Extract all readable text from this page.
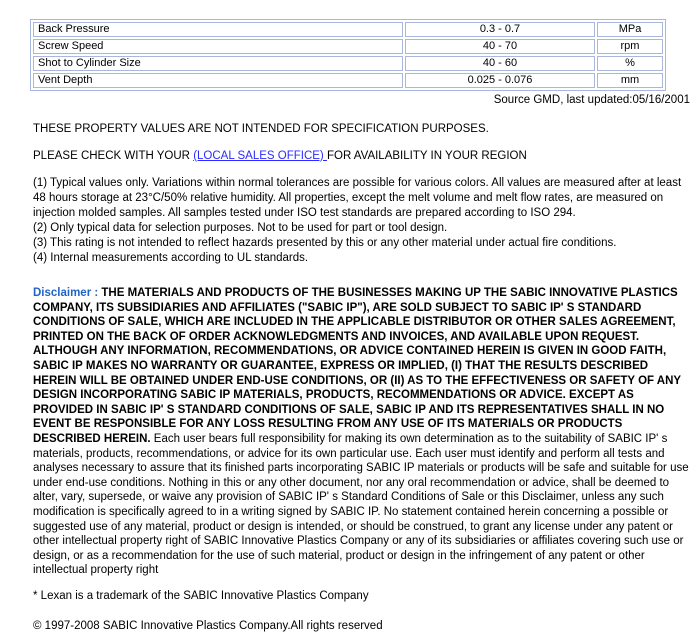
Back Pressure	0.3 - 0.7	MPa
Screw Speed	40 - 70	rpm
Shot to Cylinder Size	40 - 60	%
Vent Depth	0.025 - 0.076	mm
Source GMD, last updated:05/16/2001
THESE PROPERTY VALUES ARE NOT INTENDED FOR SPECIFICATION PURPOSES.
PLEASE CHECK WITH YOUR (LOCAL SALES OFFICE) FOR AVAILABILITY IN YOUR REGION

(1) Typical values only. Variations within normal tolerances are possible for various colors. All values are measured after at least 48 hours storage at 23°C/50% relative humidity. All properties, except the melt volume and melt flow rates, are measured on injection molded samples. All samples tested under ISO test standards are prepared according to ISO 294.

(2) Only typical data for selection purposes. Not to be used for part or tool design.

(3) This rating is not intended to reflect hazards presented by this or any other material under actual fire conditions.

(4) Internal measurements according to UL standards.

Disclaimer : THE MATERIALS AND PRODUCTS OF THE BUSINESSES MAKING UP THE SABIC INNOVATIVE PLASTICS COMPANY, ITS SUBSIDIARIES AND AFFILIATES ("SABIC IP"), ARE SOLD SUBJECT TO SABIC IP' S STANDARD CONDITIONS OF SALE, WHICH ARE INCLUDED IN THE APPLICABLE DISTRIBUTOR OR OTHER SALES AGREEMENT, PRINTED ON THE BACK OF ORDER ACKNOWLEDGMENTS AND INVOICES, AND AVAILABLE UPON REQUEST. ALTHOUGH ANY INFORMATION, RECOMMENDATIONS, OR ADVICE CONTAINED HEREIN IS GIVEN IN GOOD FAITH, SABIC IP MAKES NO WARRANTY OR GUARANTEE, EXPRESS OR IMPLIED, (I) THAT THE RESULTS DESCRIBED HEREIN WILL BE OBTAINED UNDER END-USE CONDITIONS, OR (II) AS TO THE EFFECTIVENESS OR SAFETY OF ANY DESIGN INCORPORATING SABIC IP MATERIALS, PRODUCTS, RECOMMENDATIONS OR ADVICE. EXCEPT AS PROVIDED IN SABIC IP' S STANDARD CONDITIONS OF SALE, SABIC IP AND ITS REPRESENTATIVES SHALL IN NO EVENT BE RESPONSIBLE FOR ANY LOSS RESULTING FROM ANY USE OF ITS MATERIALS OR PRODUCTS DESCRIBED HEREIN. Each user bears full responsibility for making its own determination as to the suitability of SABIC IP' s materials, products, recommendations, or advice for its own particular use. Each user must identify and perform all tests and analyses necessary to assure that its finished parts incorporating SABIC IP materials or products will be safe and suitable for use under end-use conditions. Nothing in this or any other document, nor any oral recommendation or advice, shall be deemed to alter, vary, supersede, or waive any provision of SABIC IP' s Standard Conditions of Sale or this Disclaimer, unless any such modification is specifically agreed to in a writing signed by SABIC IP. No statement contained herein concerning a possible or suggested use of any material, product or design is intended, or should be construed, to grant any license under any patent or other intellectual property right of SABIC Innovative Plastics Company or any of its subsidiaries or affiliates covering such use or design, or as a recommendation for the use of such material, product or design in the infringement of any patent or other intellectual property right
* Lexan is a trademark of the SABIC Innovative Plastics Company
© 1997-2008 SABIC Innovative Plastics Company.All rights reserved
